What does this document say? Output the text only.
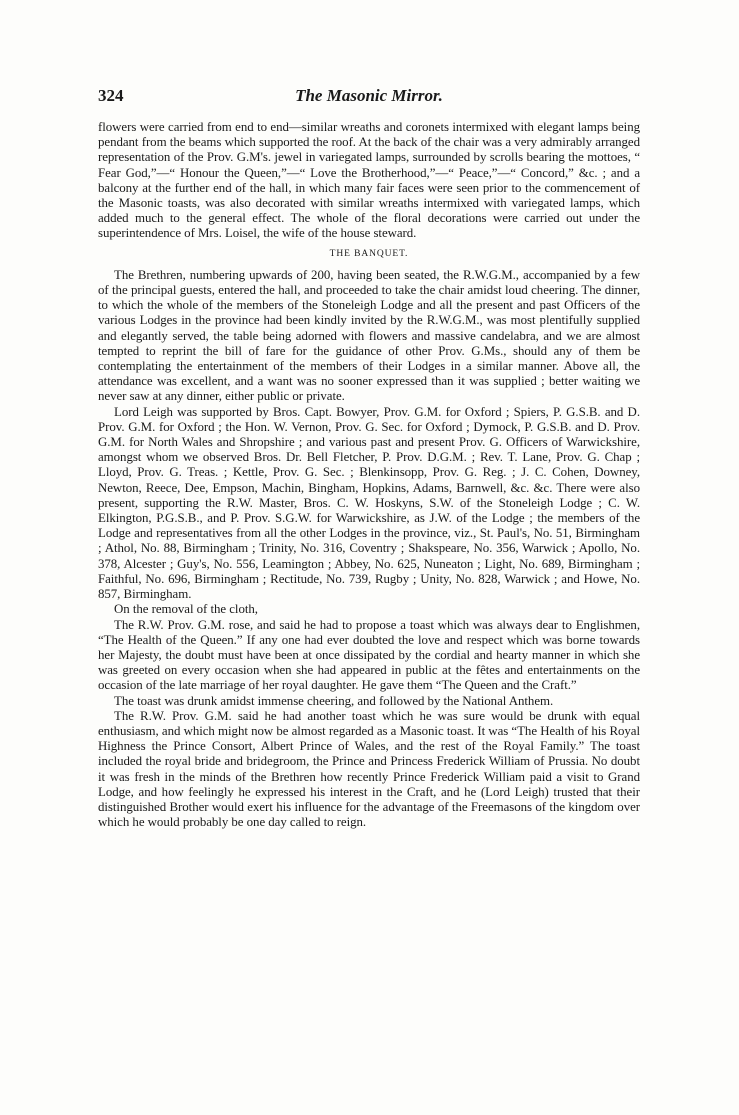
324	The Masonic Mirror.

flowers were carried from end to end—similar wreaths and coronets intermixed with elegant lamps being pendant from the beams which supported the roof. At the back of the chair was a very admirably arranged representation of the Prov. G.M's. jewel in variegated lamps, surrounded by scrolls bearing the mottoes, “ Fear God,”—“ Honour the Queen,”—“ Love the Brotherhood,”—“ Peace,”—“ Concord,” &c. ; and a balcony at the further end of the hall, in which many fair faces were seen prior to the commencement of the Masonic toasts, was also decorated with similar wreaths intermixed with variegated lamps, which added much to the general effect. The whole of the floral decorations were carried out under the superintendence of Mrs. Loisel, the wife of the house steward.

THE BANQUET.

The Brethren, numbering upwards of 200, having been seated, the R.W.G.M., accompanied by a few of the principal guests, entered the hall, and proceeded to take the chair amidst loud cheering. The dinner, to which the whole of the members of the Stoneleigh Lodge and all the present and past Officers of the various Lodges in the province had been kindly invited by the R.W.G.M., was most plentifully supplied and elegantly served, the table being adorned with flowers and massive candelabra, and we are almost tempted to reprint the bill of fare for the guidance of other Prov. G.Ms., should any of them be contemplating the entertainment of the members of their Lodges in a similar manner. Above all, the attendance was excellent, and a want was no sooner expressed than it was supplied ; better waiting we never saw at any dinner, either public or private.

Lord Leigh was supported by Bros. Capt. Bowyer, Prov. G.M. for Oxford ; Spiers, P. G.S.B. and D. Prov. G.M. for Oxford ; the Hon. W. Vernon, Prov. G. Sec. for Oxford ; Dymock, P. G.S.B. and D. Prov. G.M. for North Wales and Shropshire ; and various past and present Prov. G. Officers of Warwickshire, amongst whom we observed Bros. Dr. Bell Fletcher, P. Prov. D.G.M. ; Rev. T. Lane, Prov. G. Chap ; Lloyd, Prov. G. Treas. ; Kettle, Prov. G. Sec. ; Blenkinsopp, Prov. G. Reg. ; J. C. Cohen, Downey, Newton, Reece, Dee, Empson, Machin, Bingham, Hopkins, Adams, Barnwell, &c. &c. There were also present, supporting the R.W. Master, Bros. C. W. Hoskyns, S.W. of the Stoneleigh Lodge ; C. W. Elkington, P.G.S.B., and P. Prov. S.G.W. for Warwickshire, as J.W. of the Lodge ; the members of the Lodge and representatives from all the other Lodges in the province, viz., St. Paul's, No. 51, Birmingham ; Athol, No. 88, Birmingham ; Trinity, No. 316, Coventry ; Shakspeare, No. 356, Warwick ; Apollo, No. 378, Alcester ; Guy's, No. 556, Leamington ; Abbey, No. 625, Nuneaton ; Light, No. 689, Birmingham ; Faithful, No. 696, Birmingham ; Rectitude, No. 739, Rugby ; Unity, No. 828, Warwick ; and Howe, No. 857, Birmingham.

On the removal of the cloth,

The R.W. Prov. G.M. rose, and said he had to propose a toast which was always dear to Englishmen, “The Health of the Queen.” If any one had ever doubted the love and respect which was borne towards her Majesty, the doubt must have been at once dissipated by the cordial and hearty manner in which she was greeted on every occasion when she had appeared in public at the fêtes and entertainments on the occasion of the late marriage of her royal daughter. He gave them “The Queen and the Craft.”

The toast was drunk amidst immense cheering, and followed by the National Anthem.

The R.W. Prov. G.M. said he had another toast which he was sure would be drunk with equal enthusiasm, and which might now be almost regarded as a Masonic toast. It was “The Health of his Royal Highness the Prince Consort, Albert Prince of Wales, and the rest of the Royal Family.” The toast included the royal bride and bridegroom, the Prince and Princess Frederick William of Prussia. No doubt it was fresh in the minds of the Brethren how recently Prince Frederick William paid a visit to Grand Lodge, and how feelingly he expressed his interest in the Craft, and he (Lord Leigh) trusted that their distinguished Brother would exert his influence for the advantage of the Freemasons of the kingdom over which he would probably be one day called to reign.
